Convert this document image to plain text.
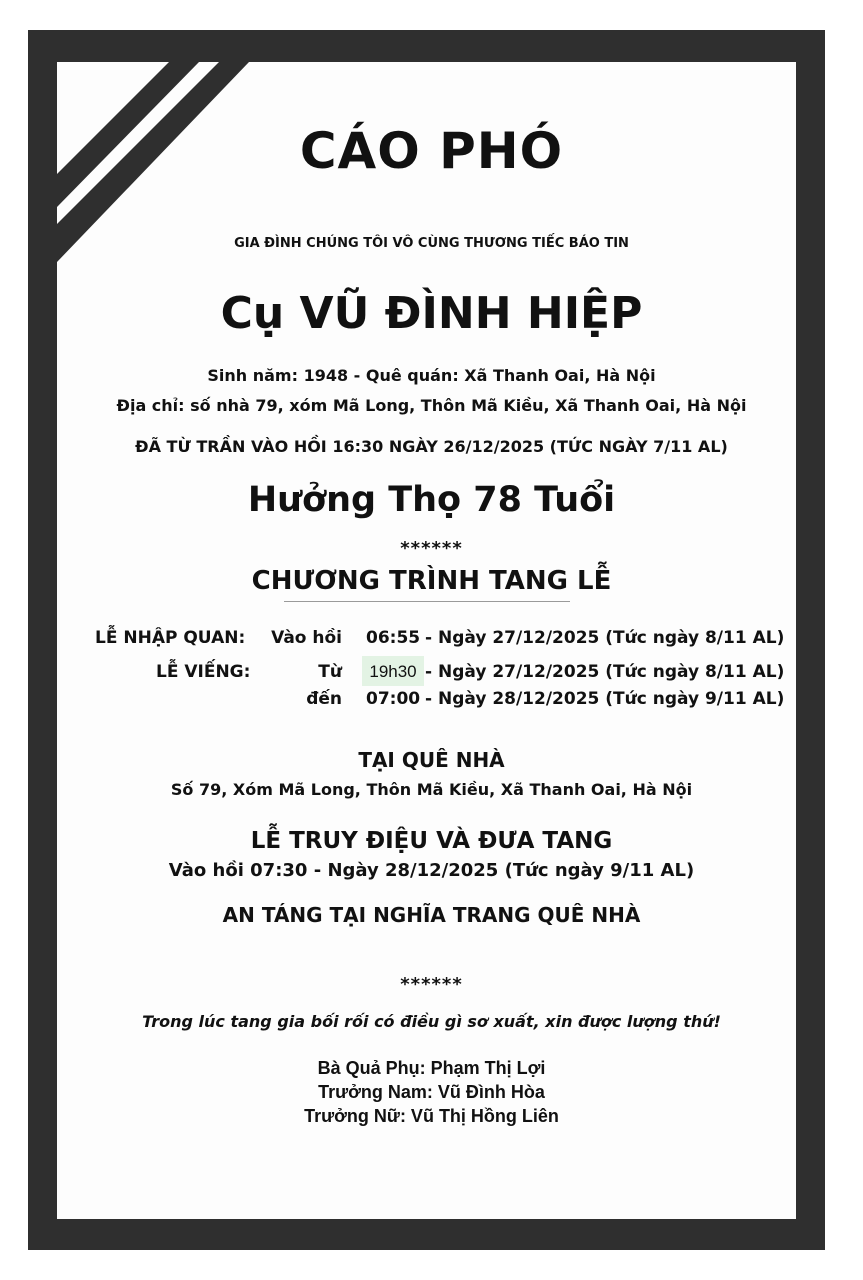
CÁO PHÓ
GIA ĐÌNH CHÚNG TÔI VÔ CÙNG THƯƠNG TIẾC BÁO TIN
Cụ VŨ ĐÌNH HIỆP
Sinh năm: 1948 - Quê quán: Xã Thanh Oai, Hà Nội
Địa chỉ: số nhà 79, xóm Mã Long, Thôn Mã Kiều, Xã Thanh Oai, Hà Nội
ĐÃ TỪ TRẦN VÀO HỒI 16:30 NGÀY 26/12/2025 (TỨC NGÀY 7/11 AL)
Hưởng Thọ 78 Tuổi
******
CHƯƠNG TRÌNH TANG LỄ
LỄ NHẬP QUAN: Vào hồi 06:55 - Ngày 27/12/2025 (Tức ngày 8/11 AL)
LỄ VIẾNG:	Từ	19h30 - Ngày 27/12/2025 (Tức ngày 8/11 AL)
đến 07:00 - Ngày 28/12/2025 (Tức ngày 9/11 AL)
TẠI QUÊ NHÀ
Số 79, Xóm Mã Long, Thôn Mã Kiều, Xã Thanh Oai, Hà Nội
LỄ TRUY ĐIỆU VÀ ĐƯA TANG
Vào hồi 07:30 - Ngày 28/12/2025 (Tức ngày 9/11 AL)
AN TÁNG TẠI NGHĨA TRANG QUÊ NHÀ
******
Trong lúc tang gia bối rối có điều gì sơ xuất, xin được lượng thứ!
Bà Quả Phụ: Phạm Thị Lợi
Trưởng Nam: Vũ Đình Hòa
Trưởng Nữ: Vũ Thị Hồng Liên
